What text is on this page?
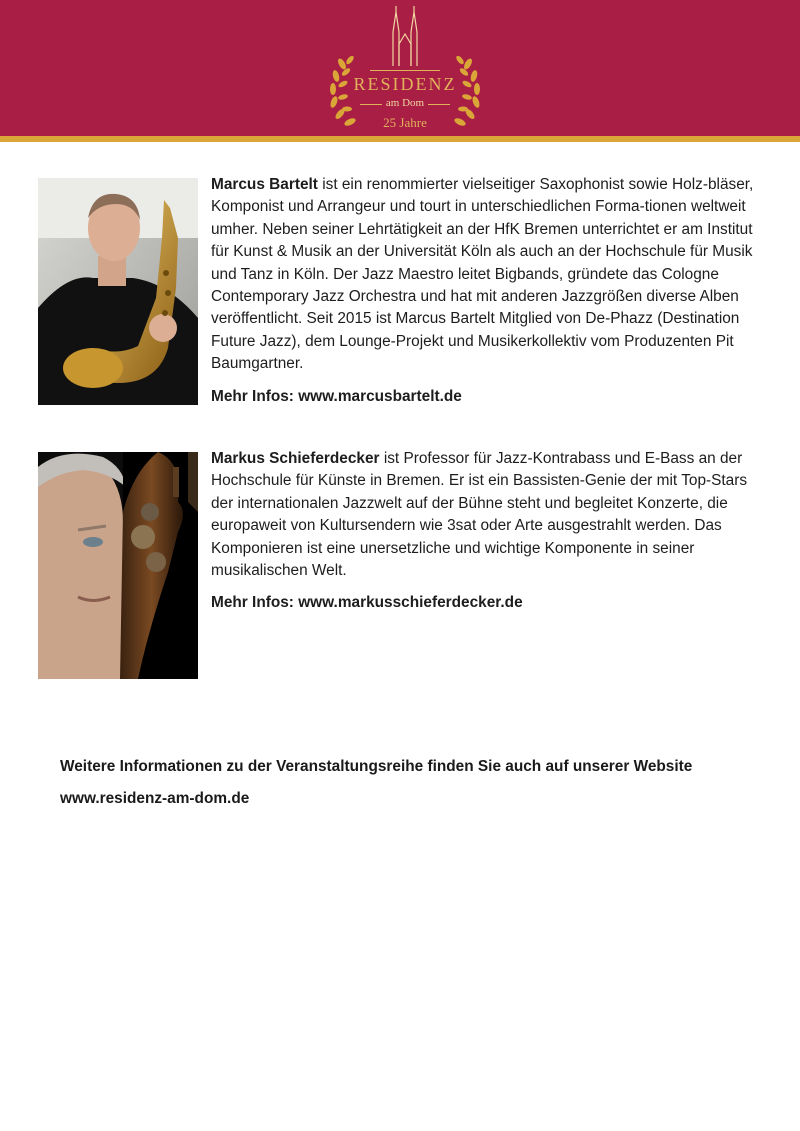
RESIDENZ
am Dom
25 Jahre
Marcus Bartelt ist ein renommierter vielseitiger Saxophonist sowie Holz-bläser, Komponist und Arrangeur und tourt in unterschiedlichen Forma-tionen weltweit umher. Neben seiner Lehrtätigkeit an der HfK Bremen unterrichtet er am Institut für Kunst & Musik an der Universität Köln als auch an der Hochschule für Musik und Tanz in Köln. Der Jazz Maestro leitet Bigbands, gründete das Cologne Contemporary Jazz Orchestra und hat mit anderen Jazzgrößen diverse Alben veröffentlicht. Seit 2015 ist Marcus Bartelt Mitglied von De-Phazz (Destination Future Jazz), dem Lounge-Projekt und Musikerkollektiv vom Produzenten Pit Baumgartner.
Mehr Infos: www.marcusbartelt.de
Markus Schieferdecker ist Professor für Jazz-Kontrabass und E-Bass an der Hochschule für Künste in Bremen. Er ist ein Bassisten-Genie der mit Top-Stars der internationalen Jazzwelt auf der Bühne steht und begleitet Konzerte, die europaweit von Kultursendern wie 3sat oder Arte ausgestrahlt werden. Das Komponieren ist eine unersetzliche und wichtige Komponente in seiner musikalischen Welt.
Mehr Infos: www.markusschieferdecker.de
Weitere Informationen zu der Veranstaltungsreihe finden Sie auch auf unserer Website
www.residenz-am-dom.de
